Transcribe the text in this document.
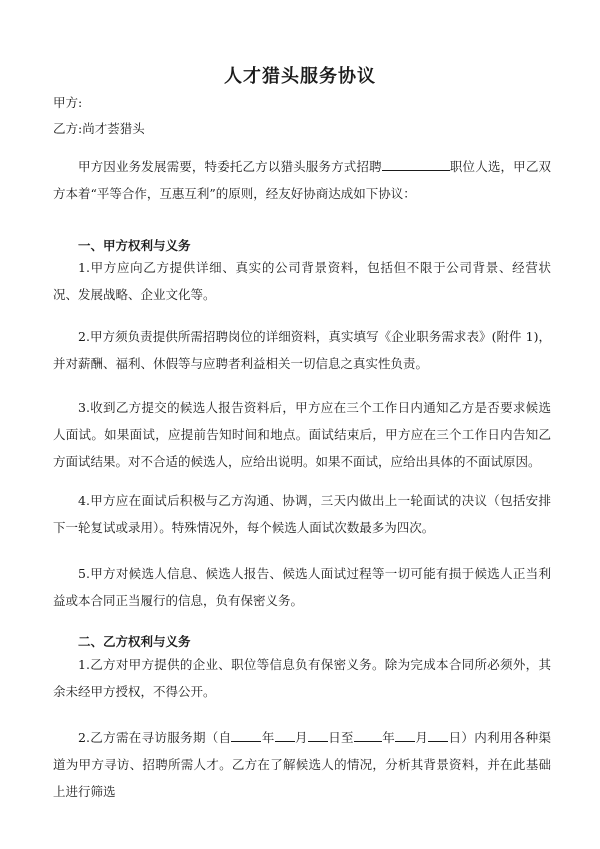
人才猎头服务协议
甲方:
乙方:尚才荟猎头
甲方因业务发展需要，特委托乙方以猎头服务方式招聘	职位人选，甲乙双方本着“平等合作，互惠互利”的原则，经友好协商达成如下协议：
一、甲方权利与义务
1.甲方应向乙方提供详细、真实的公司背景资料，包括但不限于公司背景、经营状况、发展战略、企业文化等。
2.甲方须负责提供所需招聘岗位的详细资料，真实填写《企业职务需求表》(附件 1)，并对薪酬、福利、休假等与应聘者利益相关一切信息之真实性负责。
3.收到乙方提交的候选人报告资料后，甲方应在三个工作日内通知乙方是否要求候选人面试。如果面试，应提前告知时间和地点。面试结束后，甲方应在三个工作日内告知乙方面试结果。对不合适的候选人，应给出说明。如果不面试，应给出具体的不面试原因。
4.甲方应在面试后积极与乙方沟通、协调，三天内做出上一轮面试的决议（包括安排下一轮复试或录用）。特殊情况外，每个候选人面试次数最多为四次。
5.甲方对候选人信息、候选人报告、候选人面试过程等一切可能有损于候选人正当利益或本合同正当履行的信息，负有保密义务。
二、乙方权利与义务
1.乙方对甲方提供的企业、职位等信息负有保密义务。除为完成本合同所必须外，其余未经甲方授权，不得公开。
2.乙方需在寻访服务期（自 年 月 日至 年 月 日）内利用各种渠道为甲方寻访、招聘所需人才。乙方在了解候选人的情况，分析其背景资料，并在此基础上进行筛选
